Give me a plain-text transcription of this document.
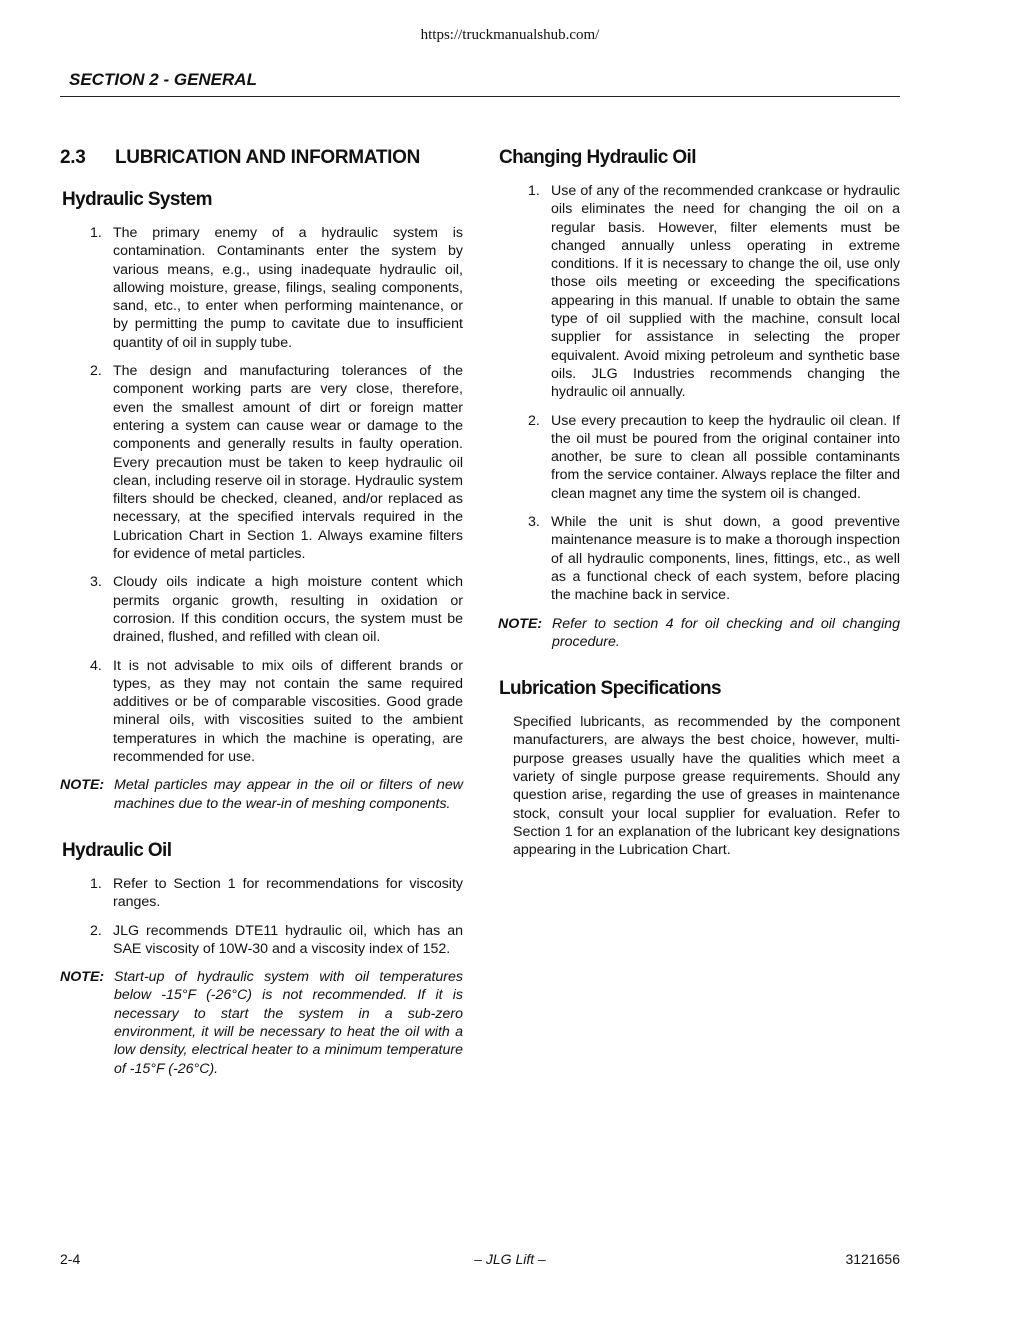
https://truckmanualshub.com/
SECTION 2 - GENERAL
2.3	LUBRICATION AND INFORMATION
Hydraulic System
1. The primary enemy of a hydraulic system is contamination. Contaminants enter the system by various means, e.g., using inadequate hydraulic oil, allowing moisture, grease, filings, sealing components, sand, etc., to enter when performing maintenance, or by permitting the pump to cavitate due to insufficient quantity of oil in supply tube.
2. The design and manufacturing tolerances of the component working parts are very close, therefore, even the smallest amount of dirt or foreign matter entering a system can cause wear or damage to the components and generally results in faulty operation. Every precaution must be taken to keep hydraulic oil clean, including reserve oil in storage. Hydraulic system filters should be checked, cleaned, and/or replaced as necessary, at the specified intervals required in the Lubrication Chart in Section 1. Always examine filters for evidence of metal particles.
3. Cloudy oils indicate a high moisture content which permits organic growth, resulting in oxidation or corrosion. If this condition occurs, the system must be drained, flushed, and refilled with clean oil.
4. It is not advisable to mix oils of different brands or types, as they may not contain the same required additives or be of comparable viscosities. Good grade mineral oils, with viscosities suited to the ambient temperatures in which the machine is operating, are recommended for use.
NOTE: Metal particles may appear in the oil or filters of new machines due to the wear-in of meshing components.
Hydraulic Oil
1. Refer to Section 1 for recommendations for viscosity ranges.
2. JLG recommends DTE11 hydraulic oil, which has an SAE viscosity of 10W-30 and a viscosity index of 152.
NOTE: Start-up of hydraulic system with oil temperatures below -15°F (-26°C) is not recommended. If it is necessary to start the system in a sub-zero environment, it will be necessary to heat the oil with a low density, electrical heater to a minimum temperature of -15°F (-26°C).
Changing Hydraulic Oil
1. Use of any of the recommended crankcase or hydraulic oils eliminates the need for changing the oil on a regular basis. However, filter elements must be changed annually unless operating in extreme conditions. If it is necessary to change the oil, use only those oils meeting or exceeding the specifications appearing in this manual. If unable to obtain the same type of oil supplied with the machine, consult local supplier for assistance in selecting the proper equivalent. Avoid mixing petroleum and synthetic base oils. JLG Industries recommends changing the hydraulic oil annually.
2. Use every precaution to keep the hydraulic oil clean. If the oil must be poured from the original container into another, be sure to clean all possible contaminants from the service container. Always replace the filter and clean magnet any time the system oil is changed.
3. While the unit is shut down, a good preventive maintenance measure is to make a thorough inspection of all hydraulic components, lines, fittings, etc., as well as a functional check of each system, before placing the machine back in service.
NOTE: Refer to section 4 for oil checking and oil changing procedure.
Lubrication Specifications

Specified lubricants, as recommended by the component manufacturers, are always the best choice, however, multi-purpose greases usually have the qualities which meet a variety of single purpose grease requirements. Should any question arise, regarding the use of greases in maintenance stock, consult your local supplier for evaluation. Refer to Section 1 for an explanation of the lubricant key designations appearing in the Lubrication Chart.

2-4	– JLG Lift –	3121656
